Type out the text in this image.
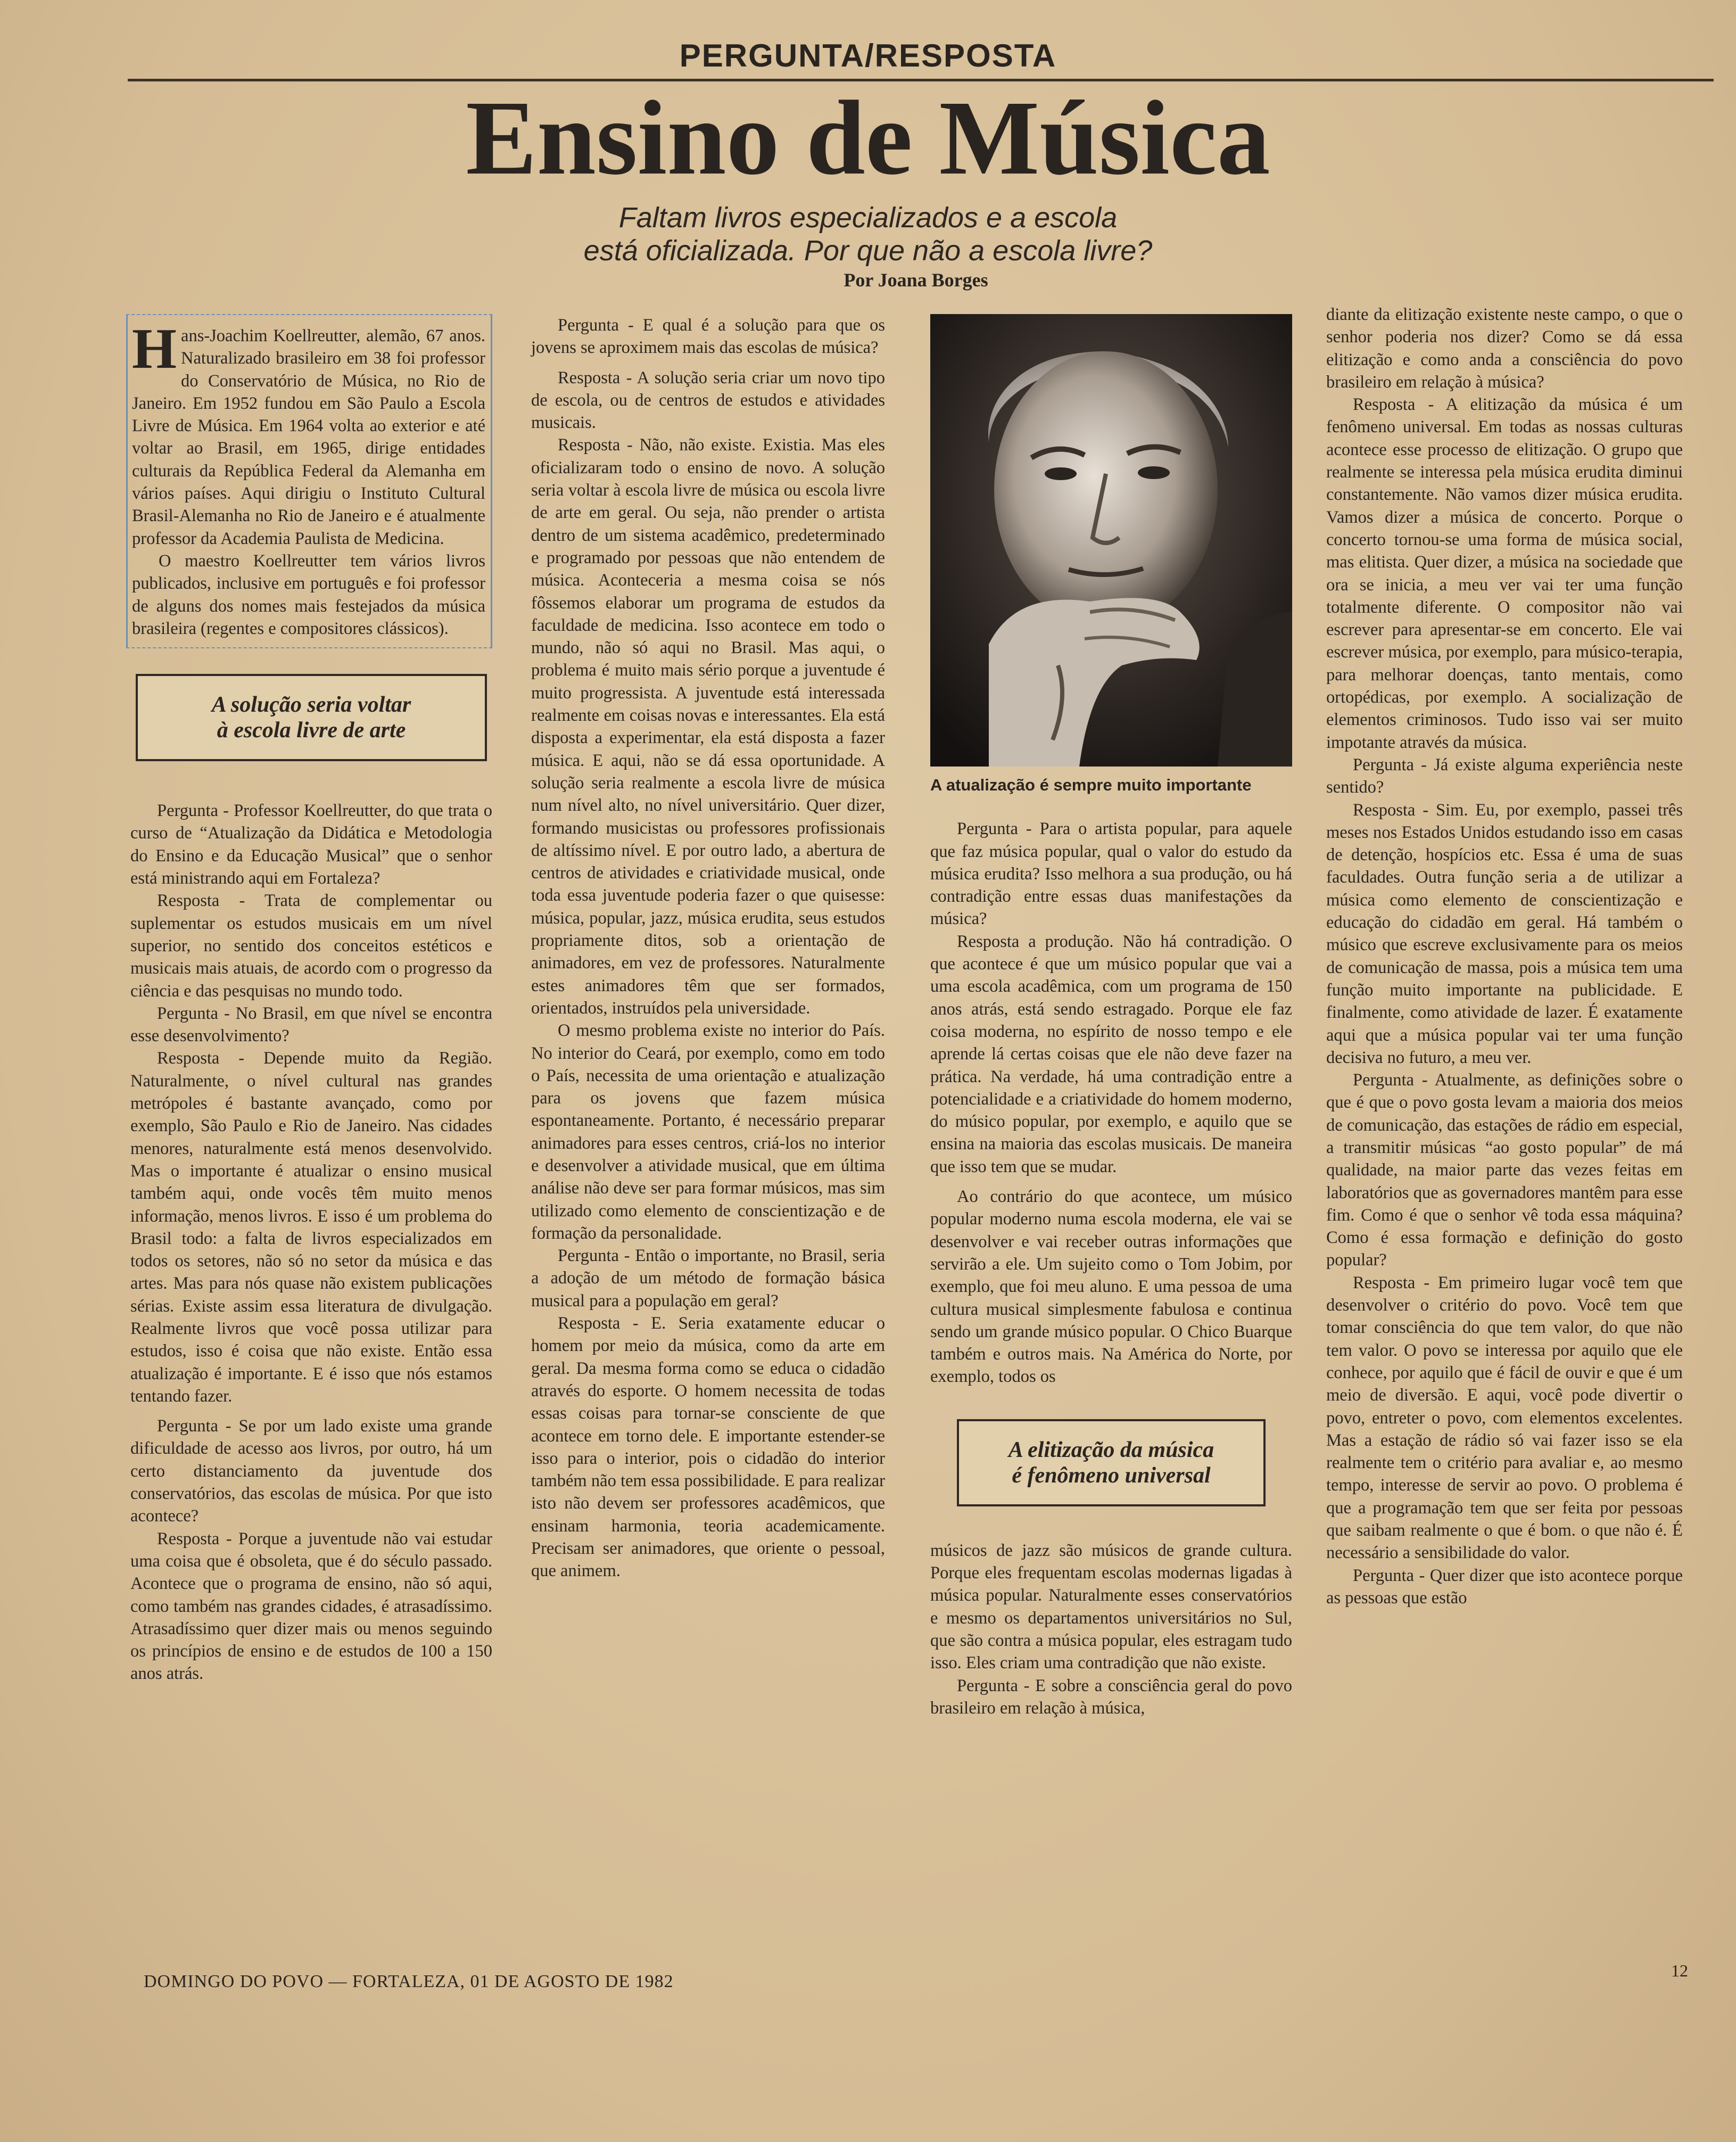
PERGUNTA/RESPOSTA
Ensino de Música
Faltam livros especializados e a escola
está oficializada. Por que não a escola livre?
Por Joana Borges

Hans-Joachim Koellreutter, alemão, 67 anos. Naturalizado brasileiro em 38 foi professor do Conservatório de Música, no Rio de Janeiro. Em 1952 fundou em São Paulo a Escola Livre de Música. Em 1964 volta ao exterior e até voltar ao Brasil, em 1965, dirige entidades culturais da República Federal da Alemanha em vários países. Aqui dirigiu o Instituto Cultural Brasil-Alemanha no Rio de Janeiro e é atualmente professor da Academia Paulista de Medicina.

O maestro Koellreutter tem vários livros publicados, inclusive em português e foi professor de alguns dos nomes mais festejados da música brasileira (regentes e compositores clássicos).

A solução seria voltar
à escola livre de arte

Pergunta - Professor Koellreutter, do que trata o curso de “Atualização da Didática e Metodologia do Ensino e da Educação Musical” que o senhor está ministrando aqui em Fortaleza?

Resposta - Trata de complementar ou suplementar os estudos musicais em um nível superior, no sentido dos conceitos estéticos e musicais mais atuais, de acordo com o progresso da ciência e das pesquisas no mundo todo.

Pergunta - No Brasil, em que nível se encontra esse desenvolvimento?

Resposta - Depende muito da Região. Naturalmente, o nível cultural nas grandes metrópoles é bastante avançado, como por exemplo, São Paulo e Rio de Janeiro. Nas cidades menores, naturalmente está menos desenvolvido. Mas o importante é atualizar o ensino musical também aqui, onde vocês têm muito menos informação, menos livros. E isso é um problema do Brasil todo: a falta de livros especializados em todos os setores, não só no setor da música e das artes. Mas para nós quase não existem publicações sérias. Existe assim essa literatura de divulgação. Realmente livros que você possa utilizar para estudos, isso é coisa que não existe. Então essa atualização é importante. E é isso que nós estamos tentando fazer.

Pergunta - Se por um lado existe uma grande dificuldade de acesso aos livros, por outro, há um certo distanciamento da juventude dos conservatórios, das escolas de música. Por que isto acontece?

Resposta - Porque a juventude não vai estudar uma coisa que é obsoleta, que é do século passado. Acontece que o programa de ensino, não só aqui, como também nas grandes cidades, é atrasadíssimo. Atrasadíssimo quer dizer mais ou menos seguindo os princípios de ensino e de estudos de 100 a 150 anos atrás.

Pergunta - E qual é a solução para que os jovens se aproximem mais das escolas de música?

Resposta - A solução seria criar um novo tipo de escola, ou de centros de estudos e atividades musicais.

Resposta - Não, não existe. Existia. Mas eles oficializaram todo o ensino de novo. A solução seria voltar à escola livre de música ou escola livre de arte em geral. Ou seja, não prender o artista dentro de um sistema acadêmico, predeterminado e programado por pessoas que não entendem de música. Aconteceria a mesma coisa se nós fôssemos elaborar um programa de estudos da faculdade de medicina. Isso acontece em todo o mundo, não só aqui no Brasil. Mas aqui, o problema é muito mais sério porque a juventude é muito progressista. A juventude está interessada realmente em coisas novas e interessantes. Ela está disposta a experimentar, ela está disposta a fazer música. E aqui, não se dá essa oportunidade. A solução seria realmente a escola livre de música num nível alto, no nível universitário. Quer dizer, formando musicistas ou professores profissionais de altíssimo nível. E por outro lado, a abertura de centros de atividades e criatividade musical, onde toda essa juventude poderia fazer o que quisesse: música, popular, jazz, música erudita, seus estudos propriamente ditos, sob a orientação de animadores, em vez de professores. Naturalmente estes animadores têm que ser formados, orientados, instruídos pela universidade.

O mesmo problema existe no interior do País. No interior do Ceará, por exemplo, como em todo o País, necessita de uma orientação e atualização para os jovens que fazem música espontaneamente. Portanto, é necessário preparar animadores para esses centros, criá-los no interior e desenvolver a atividade musical, que em última análise não deve ser para formar músicos, mas sim utilizado como elemento de conscientização e de formação da personalidade.

Pergunta - Então o importante, no Brasil, seria a adoção de um método de formação básica musical para a população em geral?

Resposta - E. Seria exatamente educar o homem por meio da música, como da arte em geral. Da mesma forma como se educa o cidadão através do esporte. O homem necessita de todas essas coisas para tornar-se consciente de que acontece em torno dele. E importante estender-se isso para o interior, pois o cidadão do interior também não tem essa possibilidade. E para realizar isto não devem ser professores acadêmicos, que ensinam harmonia, teoria academicamente. Precisam ser animadores, que oriente o pessoal, que animem.

A atualização é sempre muito importante

Pergunta - Para o artista popular, para aquele que faz música popular, qual o valor do estudo da música erudita? Isso melhora a sua produção, ou há contradição entre essas duas manifestações da música?

Resposta a produção. Não há contradição. O que acontece é que um músico popular que vai a uma escola acadêmica, com um programa de 150 anos atrás, está sendo estragado. Porque ele faz coisa moderna, no espírito de nosso tempo e ele aprende lá certas coisas que ele não deve fazer na prática. Na verdade, há uma contradição entre a potencialidade e a criatividade do homem moderno, do músico popular, por exemplo, e aquilo que se ensina na maioria das escolas musicais. De maneira que isso tem que se mudar.

Ao contrário do que acontece, um músico popular moderno numa escola moderna, ele vai se desenvolver e vai receber outras informações que servirão a ele. Um sujeito como o Tom Jobim, por exemplo, que foi meu aluno. E uma pessoa de uma cultura musical simplesmente fabulosa e continua sendo um grande músico popular. O Chico Buarque também e outros mais. Na América do Norte, por exemplo, todos os

A elitização da música
é fenômeno universal

músicos de jazz são músicos de grande cultura. Porque eles frequentam escolas modernas ligadas à música popular. Naturalmente esses conservatórios e mesmo os departamentos universitários no Sul, que são contra a música popular, eles estragam tudo isso. Eles criam uma contradição que não existe.

Pergunta - E sobre a consciência geral do povo brasileiro em relação à música,

diante da elitização existente neste campo, o que o senhor poderia nos dizer? Como se dá essa elitização e como anda a consciência do povo brasileiro em relação à música?

Resposta - A elitização da música é um fenômeno universal. Em todas as nossas culturas acontece esse processo de elitização. O grupo que realmente se interessa pela música erudita diminui constantemente. Não vamos dizer música erudita. Vamos dizer a música de concerto. Porque o concerto tornou-se uma forma de música social, mas elitista. Quer dizer, a música na sociedade que ora se inicia, a meu ver vai ter uma função totalmente diferente. O compositor não vai escrever para apresentar-se em concerto. Ele vai escrever música, por exemplo, para músico-terapia, para melhorar doenças, tanto mentais, como ortopédicas, por exemplo. A socialização de elementos criminosos. Tudo isso vai ser muito impotante através da música.

Pergunta - Já existe alguma experiência neste sentido?

Resposta - Sim. Eu, por exemplo, passei três meses nos Estados Unidos estudando isso em casas de detenção, hospícios etc. Essa é uma de suas faculdades. Outra função seria a de utilizar a música como elemento de conscientização e educação do cidadão em geral. Há também o músico que escreve exclusivamente para os meios de comunicação de massa, pois a música tem uma função muito importante na publicidade. E finalmente, como atividade de lazer. É exatamente aqui que a música popular vai ter uma função decisiva no futuro, a meu ver.

Pergunta - Atualmente, as definições sobre o que é que o povo gosta levam a maioria dos meios de comunicação, das estações de rádio em especial, a transmitir músicas “ao gosto popular” de má qualidade, na maior parte das vezes feitas em laboratórios que as governadores mantêm para esse fim. Como é que o senhor vê toda essa máquina? Como é essa formação e definição do gosto popular?

Resposta - Em primeiro lugar você tem que desenvolver o critério do povo. Você tem que tomar consciência do que tem valor, do que não tem valor. O povo se interessa por aquilo que ele conhece, por aquilo que é fácil de ouvir e que é um meio de diversão. E aqui, você pode divertir o povo, entreter o povo, com elementos excelentes. Mas a estação de rádio só vai fazer isso se ela realmente tem o critério para avaliar e, ao mesmo tempo, interesse de servir ao povo. O problema é que a programação tem que ser feita por pessoas que saibam realmente o que é bom. o que não é. É necessário a sensibilidade do valor.

Pergunta - Quer dizer que isto acontece porque as pessoas que estão

DOMINGO DO POVO — FORTALEZA, 01 DE AGOSTO DE 1982
12
